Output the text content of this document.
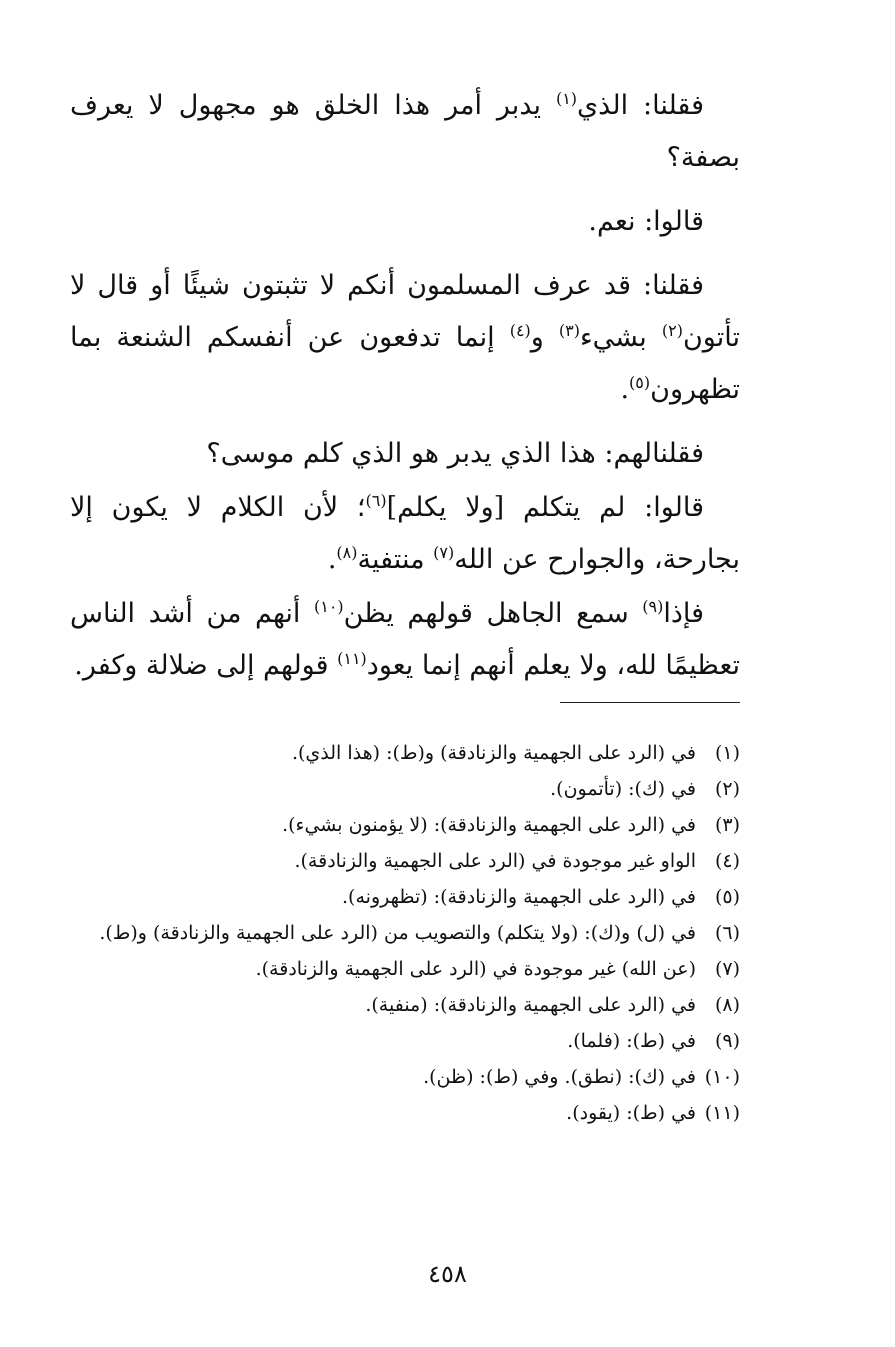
فقلنا: الذي$^{(١)}$ يدبر أمر هذا الخلق هو مجهول لا يعرف بصفة؟

قالوا: نعم.

فقلنا: قد عرف المسلمون أنكم لا تثبتون شيئًا أو قال لا تأتون$^{(٢)}$ بشيء$^{(٣)}$ و$^{(٤)}$ إنما تدفعون عن أنفسكم الشنعة بما تظهرون$^{(٥)}$.

فقلنالهم: هذا الذي يدبر هو الذي كلم موسى؟

قالوا: لم يتكلم [ولا يكلم]$^{(٦)}$؛ لأن الكلام لا يكون إلا بجارحة، والجوارح عن الله$^{(٧)}$ منتفية$^{(٨)}$.

فإذا$^{(٩)}$ سمع الجاهل قولهم يظن$^{(١٠)}$ أنهم من أشد الناس تعظيمًا لله، ولا يعلم أنهم إنما يعود$^{(١١)}$ قولهم إلى ضلالة وكفر.

(١)
في (الرد على الجهمية والزنادقة) و(ط): (هذا الذي).
(٢)
في (ك): (تأتمون).
(٣)
في (الرد على الجهمية والزنادقة): (لا يؤمنون بشيء).
(٤)
الواو غير موجودة في (الرد على الجهمية والزنادقة).
(٥)
في (الرد على الجهمية والزنادقة): (تظهرونه).
(٦)
في (ل) و(ك): (ولا يتكلم) والتصويب من (الرد على الجهمية والزنادقة) و(ط).
(٧)
(عن الله) غير موجودة في (الرد على الجهمية والزنادقة).
(٨)
في (الرد على الجهمية والزنادقة): (منفية).
(٩)
في (ط): (فلما).
(١٠)
في (ك): (نطق). وفي (ط): (ظن).
(١١)
في (ط): (يقود).
٤٥٨
